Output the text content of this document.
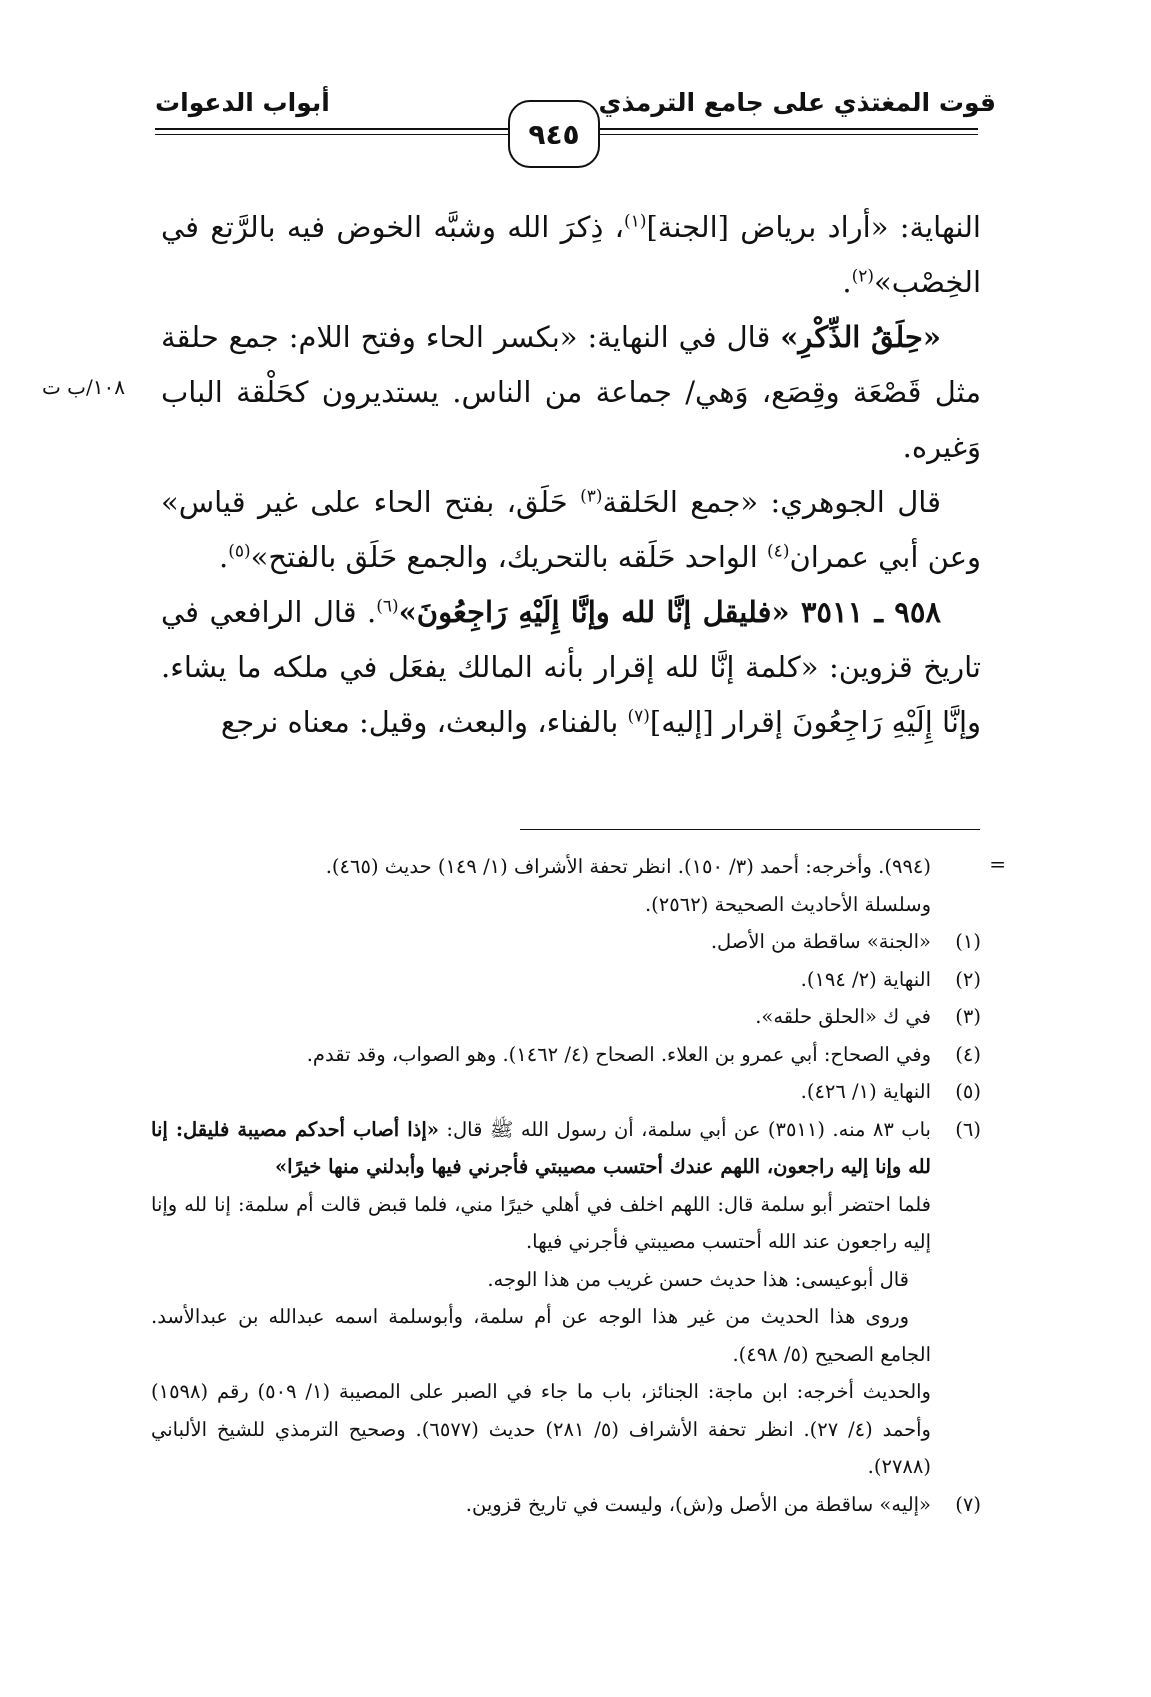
قوت المغتذي على جامع الترمذي
أبواب الدعوات
٩٤٥
١٠٨/ب ت

النهاية: «أراد برياض [الجنة]$^{(١)}$، ذِكرَ الله وشبَّه الخوض فيه بالرَّتع في الخِصْب»$^{(٢)}$.

«حِلَقُ الذِّكْرِ» قال في النهاية: «بكسر الحاء وفتح اللام: جمع حلقة مثل قَصْعَة وقِصَع، وَهي/ جماعة من الناس. يستديرون كحَلْقة الباب وَغيره.

قال الجوهري: «جمع الحَلقة$^{(٣)}$ حَلَق، بفتح الحاء على غير قياس» وعن أبي عمران$^{(٤)}$ الواحد حَلَقه بالتحريك، والجمع حَلَق بالفتح»$^{(٥)}$.

٩٥٨ ـ ٣٥١١ «فليقل إنَّا لله وإنَّا إِلَيْهِ رَاجِعُونَ»$^{(٦)}$. قال الرافعي في تاريخ قزوين: «كلمة إنَّا لله إقرار بأنه المالك يفعَل في ملكه ما يشاء. وإنَّا إِلَيْهِ رَاجِعُونَ إقرار [إليه]$^{(٧)}$ بالفناء، والبعث، وقيل: معناه نرجع

=
(٩٩٤). وأخرجه: أحمد (٣/ ١٥٠). انظر تحفة الأشراف (١/ ١٤٩) حديث (٤٦٥).
وسلسلة الأحاديث الصحيحة (٢٥٦٢).
(١)
«الجنة» ساقطة من الأصل.
(٢)
النهاية (٢/ ١٩٤).
(٣)
في ك «الحلق حلقه».
(٤)
وفي الصحاح: أبي عمرو بن العلاء. الصحاح (٤/ ١٤٦٢). وهو الصواب، وقد تقدم.
(٥)
النهاية (١/ ٤٢٦).
(٦)
باب ٨٣ منه. (٣٥١١) عن أبي سلمة، أن رسول الله ﷺ قال: «إذا أصاب أحدكم مصيبة فليقل: إنا لله وإنا إليه راجعون، اللهم عندك أحتسب مصيبتي فأجرني فيها وأبدلني منها خيرًا»
فلما احتضر أبو سلمة قال: اللهم اخلف في أهلي خيرًا مني، فلما قبض قالت أم سلمة: إنا لله وإنا إليه راجعون عند الله أحتسب مصيبتي فأجرني فيها.
قال أبوعيسى: هذا حديث حسن غريب من هذا الوجه.
وروى هذا الحديث من غير هذا الوجه عن أم سلمة، وأبوسلمة اسمه عبدالله بن عبدالأسد. الجامع الصحيح (٥/ ٤٩٨).
والحديث أخرجه: ابن ماجة: الجنائز، باب ما جاء في الصبر على المصيبة (١/ ٥٠٩) رقم (١٥٩٨) وأحمد (٤/ ٢٧). انظر تحفة الأشراف (٥/ ٢٨١) حديث (٦٥٧٧). وصحيح الترمذي للشيخ الألباني (٢٧٨٨).
(٧)
«إليه» ساقطة من الأصل و(ش)، وليست في تاريخ قزوين.
